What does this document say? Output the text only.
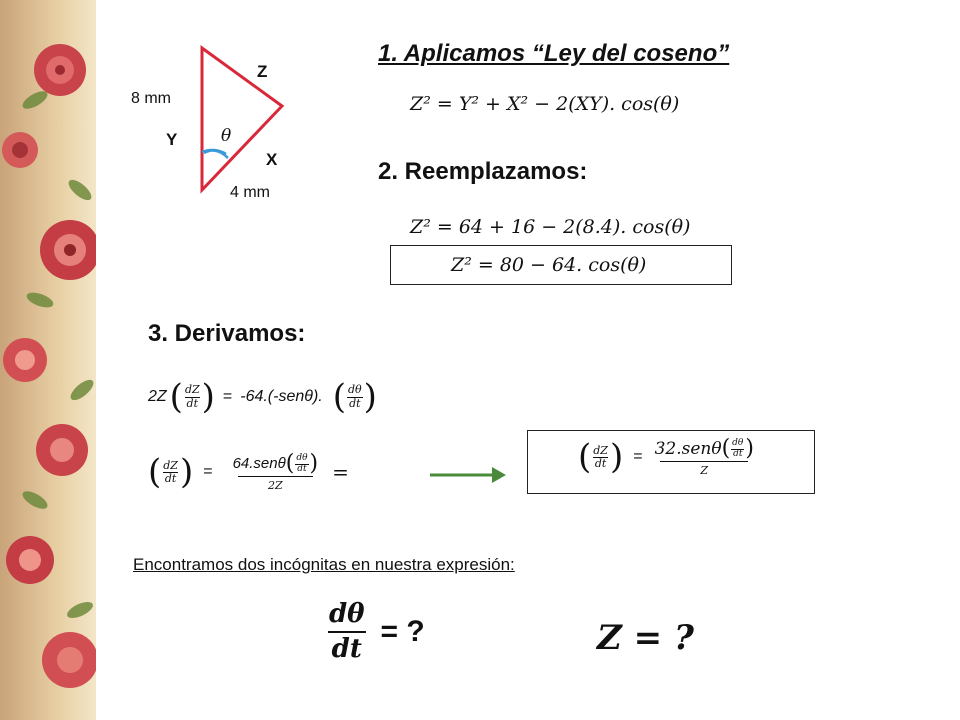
Z
8 mm
Y	θ
X
4 mm
1. Aplicamos “Ley del coseno”
Z² = Y² + X² − 2(XY). cos(θ)
2. Reemplazamos:
Z² = 64 + 16 − 2(8.4). cos(θ)
Z² = 80 − 64. cos(θ)
3. Derivamos:
2Z ( $\frac{dZ}{dt}$ ) = -64.(-senθ). ( $\frac{d\theta}{dt}$ )
( $\frac{dZ}{dt}$ ) = $\frac{64.sen\theta ( \frac{d\theta}{dt} )}{2Z}$ =	( $\frac{dZ}{dt}$ ) = 32.senθ ( $\frac{d\theta}{dt}$ )
Z
Encontramos dos incógnitas en nuestra expresión:
$\frac{d\theta}{dt}$ = ?	Z = ?
